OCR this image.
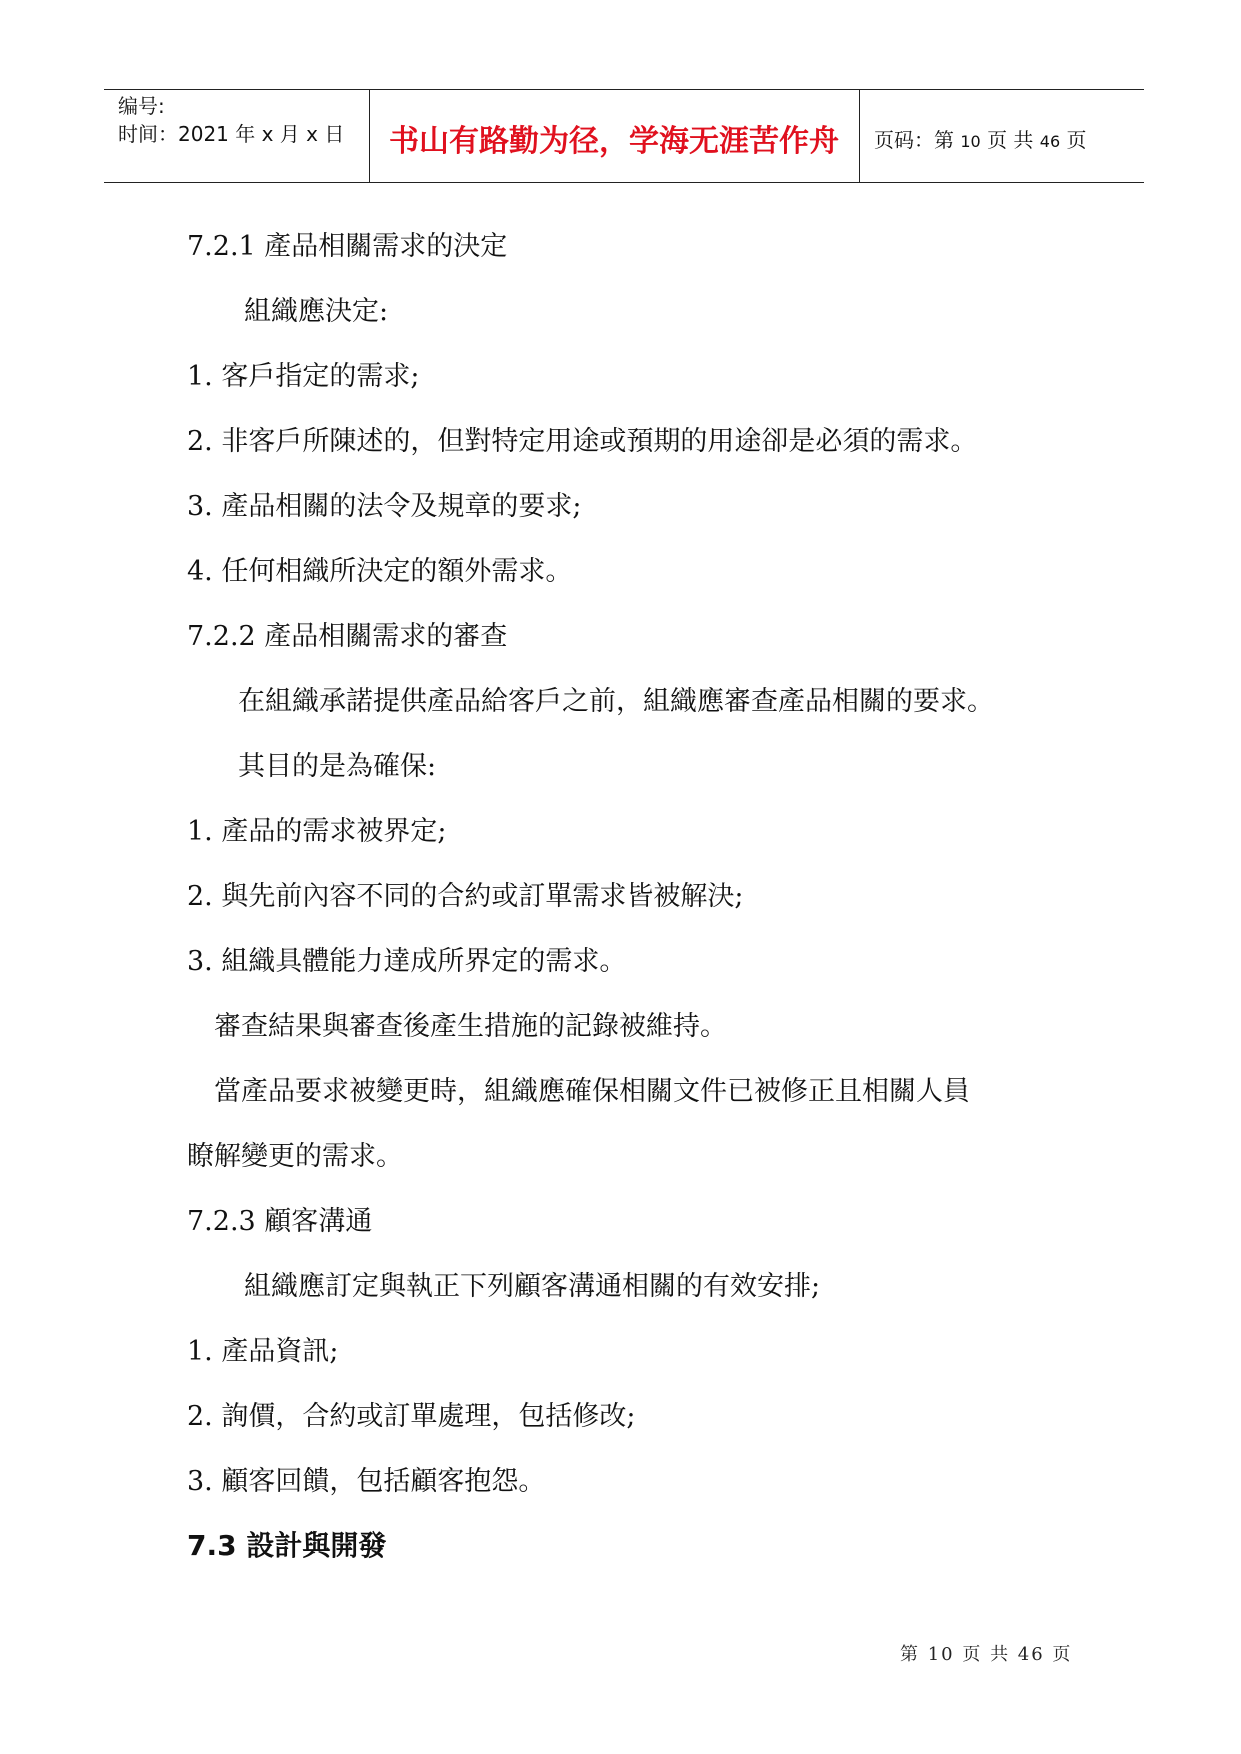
编号:
时间：2021 年 x 月 x 日	书山有路勤为径，学海无涯苦作舟	页码：第 10 页 共 46 页
7.2.1 產品相關需求的決定
組織應決定:
1. 客戶指定的需求;
2. 非客戶所陳述的，但對特定用途或預期的用途卻是必須的需求。
3. 產品相關的法令及規章的要求;
4. 任何相織所決定的額外需求。
7.2.2 產品相關需求的審查
在組織承諾提供產品給客戶之前，組織應審查產品相關的要求。
其目的是為確保:
1. 產品的需求被界定;
2. 與先前內容不同的合約或訂單需求皆被解決;
3. 組織具體能力達成所界定的需求。
審查結果與審查後產生措施的記錄被維持。
當產品要求被變更時，組織應確保相關文件已被修正且相關人員
瞭解變更的需求。
7.2.3 顧客溝通
組織應訂定與執正下列顧客溝通相關的有效安排;
1. 產品資訊;
2. 詢價，合約或訂單處理，包括修改;
3. 顧客回饋，包括顧客抱怨。
7.3 設計與開發
第 10 页 共 46 页
